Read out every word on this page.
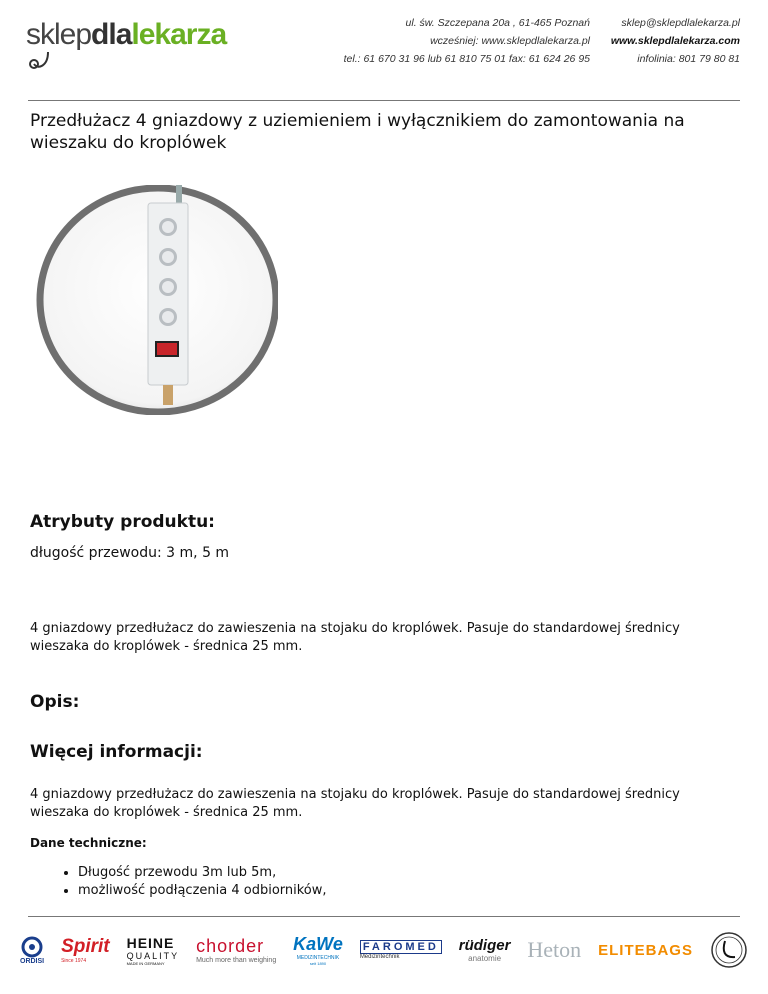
sklepdlalekarza	ul. św. Szczepana 20a , 61-465 Poznań
wcześniej: www.sklepdlalekarza.pl
tel.: 61 670 31 96 lub 61 810 75 01 fax: 61 624 26 95
sklep@sklepdlalekarza.pl
www.sklepdlalekarza.com
infolinia: 801 79 80 81
Przedłużacz 4 gniazdowy z uziemieniem i wyłącznikiem do zamontowania na wieszaku do kroplówek
Atrybuty produktu:

długość przewodu: 3 m, 5 m

4 gniazdowy przedłużacz do zawieszenia na stojaku do kroplówek. Pasuje do standardowej średnicy wieszaka do kroplówek - średnica 25 mm.

Opis:
Więcej informacji:

4 gniazdowy przedłużacz do zawieszenia na stojaku do kroplówek. Pasuje do standardowej średnicy wieszaka do kroplówek - średnica 25 mm.

Dane techniczne:

• Długość przewodu 3m lub 5m,
• możliwość podłączenia 4 odbiorników,
ORDISI
Spirit
Since 1974
HEINE
QUALITY
MADE IN GERMANY
chorder
Much more than weighing
KaWe
MEDIZINTECHNIK
seit 1890
FAROMED
Medizintechnik
rüdiger
anatomie Heton ELITEBAGS
